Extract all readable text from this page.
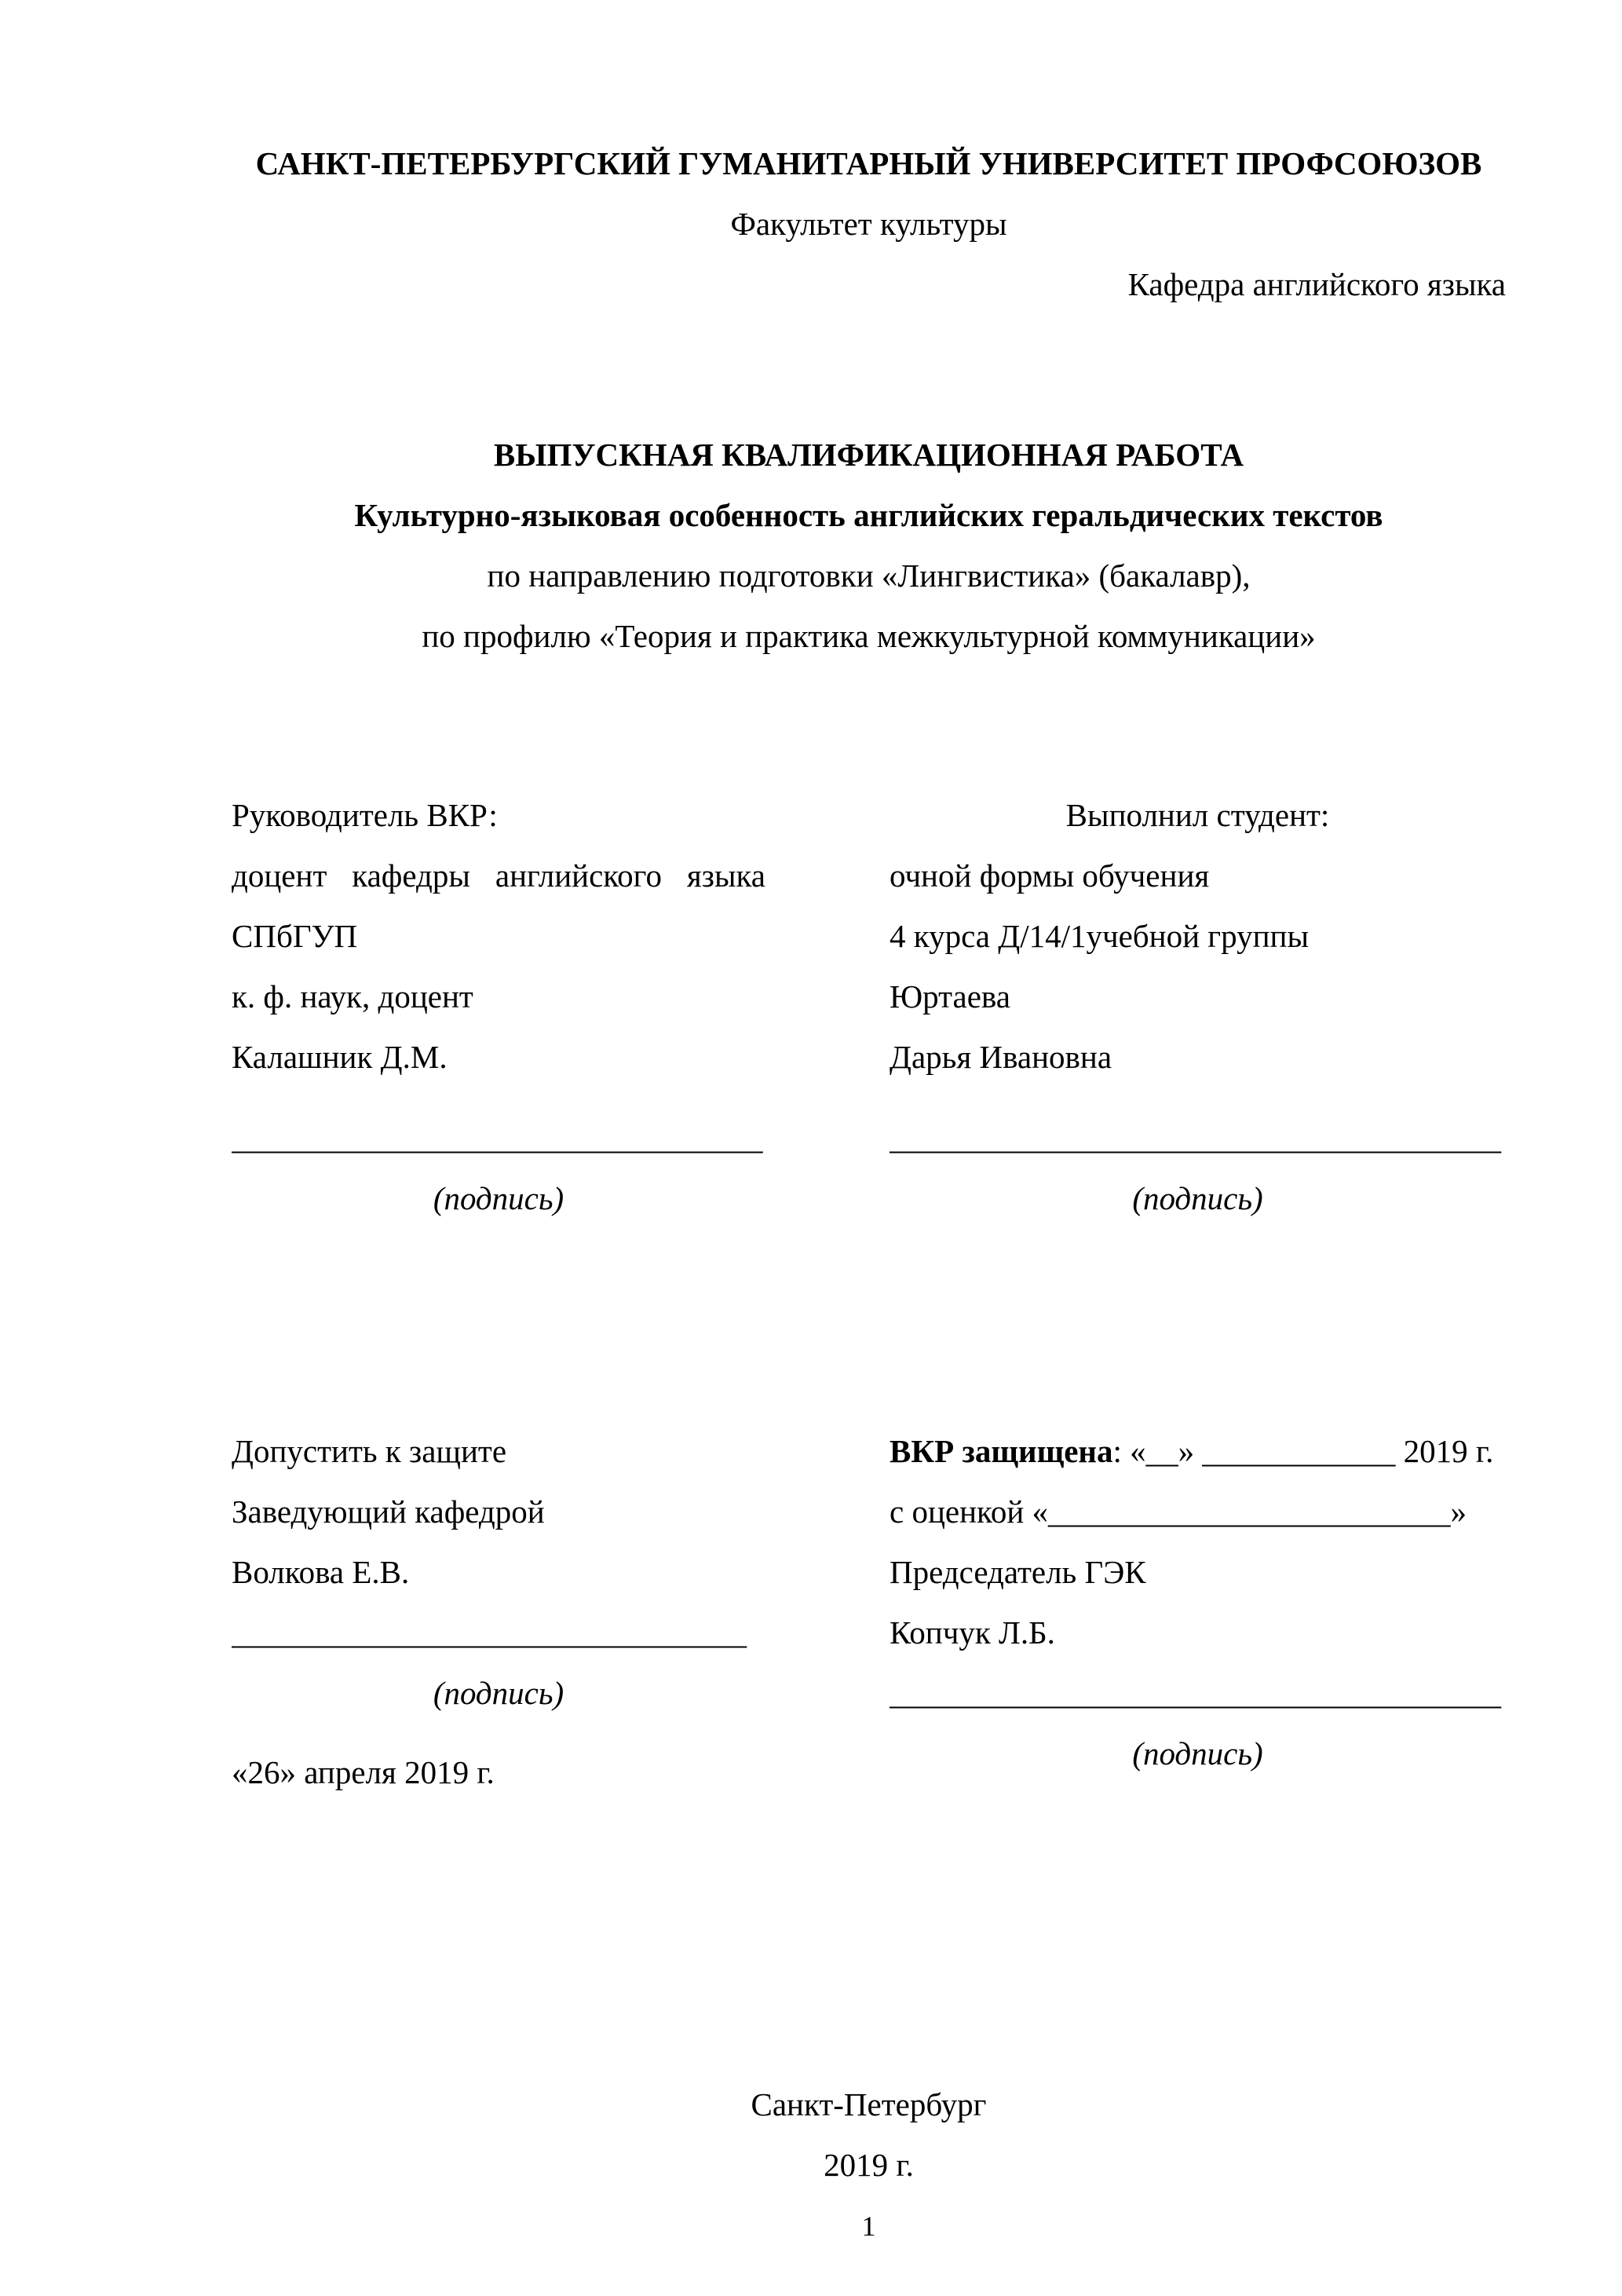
САНКТ-ПЕТЕРБУРГСКИЙ ГУМАНИТАРНЫЙ УНИВЕРСИТЕТ ПРОФСОЮЗОВ

Факультет культуры

Кафедра английского языка

ВЫПУСКНАЯ КВАЛИФИКАЦИОННАЯ РАБОТА

Культурно-языковая особенность английских геральдических текстов

по направлению подготовки «Лингвистика» (бакалавр),

по профилю «Теория и практика межкультурной коммуникации»

Руководитель ВКР:

доцент кафедры английского языка СПбГУП

к. ф. наук, доцент

Калашник Д.М.

_________________________________

(подпись)

Выполнил студент:

очной формы обучения

4 курса Д/14/1учебной группы

Юртаева

Дарья Ивановна

______________________________________

(подпись)

Допустить к защите

Заведующий кафедрой

Волкова Е.В.

________________________________

(подпись)

«26» апреля 2019 г.

ВКР защищена: «__» ____________ 2019 г.

с оценкой «_________________________»

Председатель ГЭК

Копчук Л.Б.

______________________________________

(подпись)

Санкт-Петербург

2019 г.

1
